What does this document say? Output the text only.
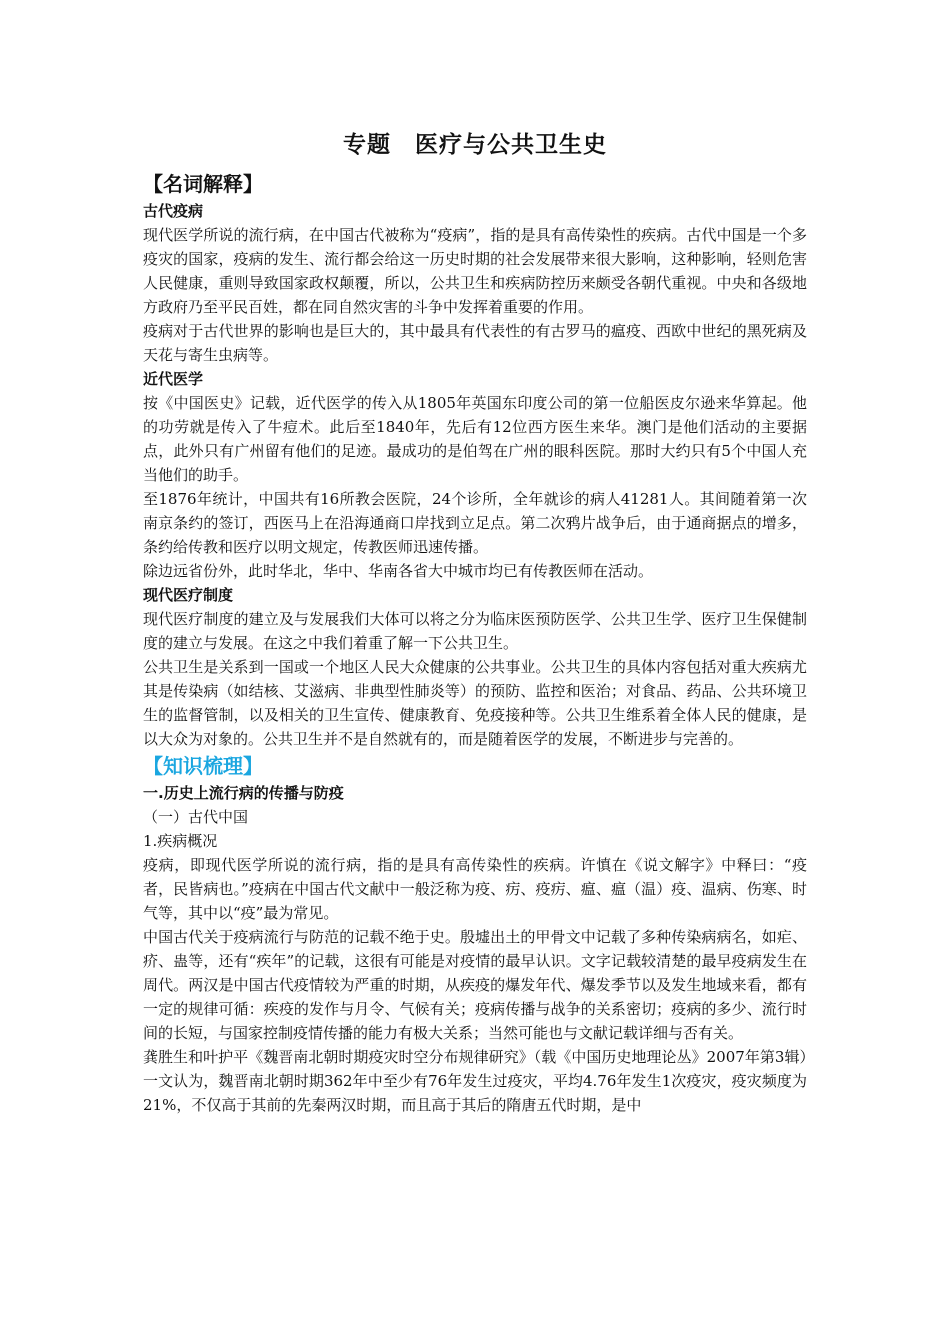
专题　医疗与公共卫生史
【名词解释】
古代疫病

现代医学所说的流行病，在中国古代被称为“疫病”，指的是具有高传染性的疾病。古代中国是一个多疫灾的国家，疫病的发生、流行都会给这一历史时期的社会发展带来很大影响，这种影响，轻则危害人民健康，重则导致国家政权颠覆，所以，公共卫生和疾病防控历来颇受各朝代重视。中央和各级地方政府乃至平民百姓，都在同自然灾害的斗争中发挥着重要的作用。

疫病对于古代世界的影响也是巨大的，其中最具有代表性的有古罗马的瘟疫、西欧中世纪的黑死病及天花与寄生虫病等。

近代医学

按《中国医史》记载，近代医学的传入从1805年英国东印度公司的第一位船医皮尔逊来华算起。他的功劳就是传入了牛痘术。此后至1840年，先后有12位西方医生来华。澳门是他们活动的主要据点，此外只有广州留有他们的足迹。最成功的是伯驾在广州的眼科医院。那时大约只有5个中国人充当他们的助手。

至1876年统计，中国共有16所教会医院，24个诊所，全年就诊的病人41281人。其间随着第一次南京条约的签订，西医马上在沿海通商口岸找到立足点。第二次鸦片战争后，由于通商据点的增多，条约给传教和医疗以明文规定，传教医师迅速传播。

除边远省份外，此时华北，华中、华南各省大中城市均已有传教医师在活动。

现代医疗制度

现代医疗制度的建立及与发展我们大体可以将之分为临床医预防医学、公共卫生学、医疗卫生保健制度的建立与发展。在这之中我们着重了解一下公共卫生。

公共卫生是关系到一国或一个地区人民大众健康的公共事业。公共卫生的具体内容包括对重大疾病尤其是传染病（如结核、艾滋病、非典型性肺炎等）的预防、监控和医治；对食品、药品、公共环境卫生的监督管制，以及相关的卫生宣传、健康教育、免疫接种等。公共卫生维系着全体人民的健康，是以大众为对象的。公共卫生并不是自然就有的，而是随着医学的发展，不断进步与完善的。

【知识梳理】
一.历史上流行病的传播与防疫
（一）古代中国
1.疾病概况

疫病，即现代医学所说的流行病，指的是具有高传染性的疾病。许慎在《说文解字》中释曰：“疫者，民皆病也。”疫病在中国古代文献中一般泛称为疫、疠、疫疠、瘟、瘟（温）疫、温病、伤寒、时气等，其中以“疫”最为常见。

中国古代关于疫病流行与防范的记载不绝于史。殷墟出土的甲骨文中记载了多种传染病病名，如疟、疥、蛊等，还有“疾年”的记载，这很有可能是对疫情的最早认识。文字记载较清楚的最早疫病发生在周代。两汉是中国古代疫情较为严重的时期，从疾疫的爆发年代、爆发季节以及发生地域来看，都有一定的规律可循：疾疫的发作与月令、气候有关；疫病传播与战争的关系密切；疫病的多少、流行时间的长短，与国家控制疫情传播的能力有极大关系；当然可能也与文献记载详细与否有关。

龚胜生和叶护平《魏晋南北朝时期疫灾时空分布规律研究》（载《中国历史地理论丛》2007年第3辑）一文认为，魏晋南北朝时期362年中至少有76年发生过疫灾，平均4.76年发生1次疫灾，疫灾频度为21%，不仅高于其前的先秦两汉时期，而且高于其后的隋唐五代时期，是中
